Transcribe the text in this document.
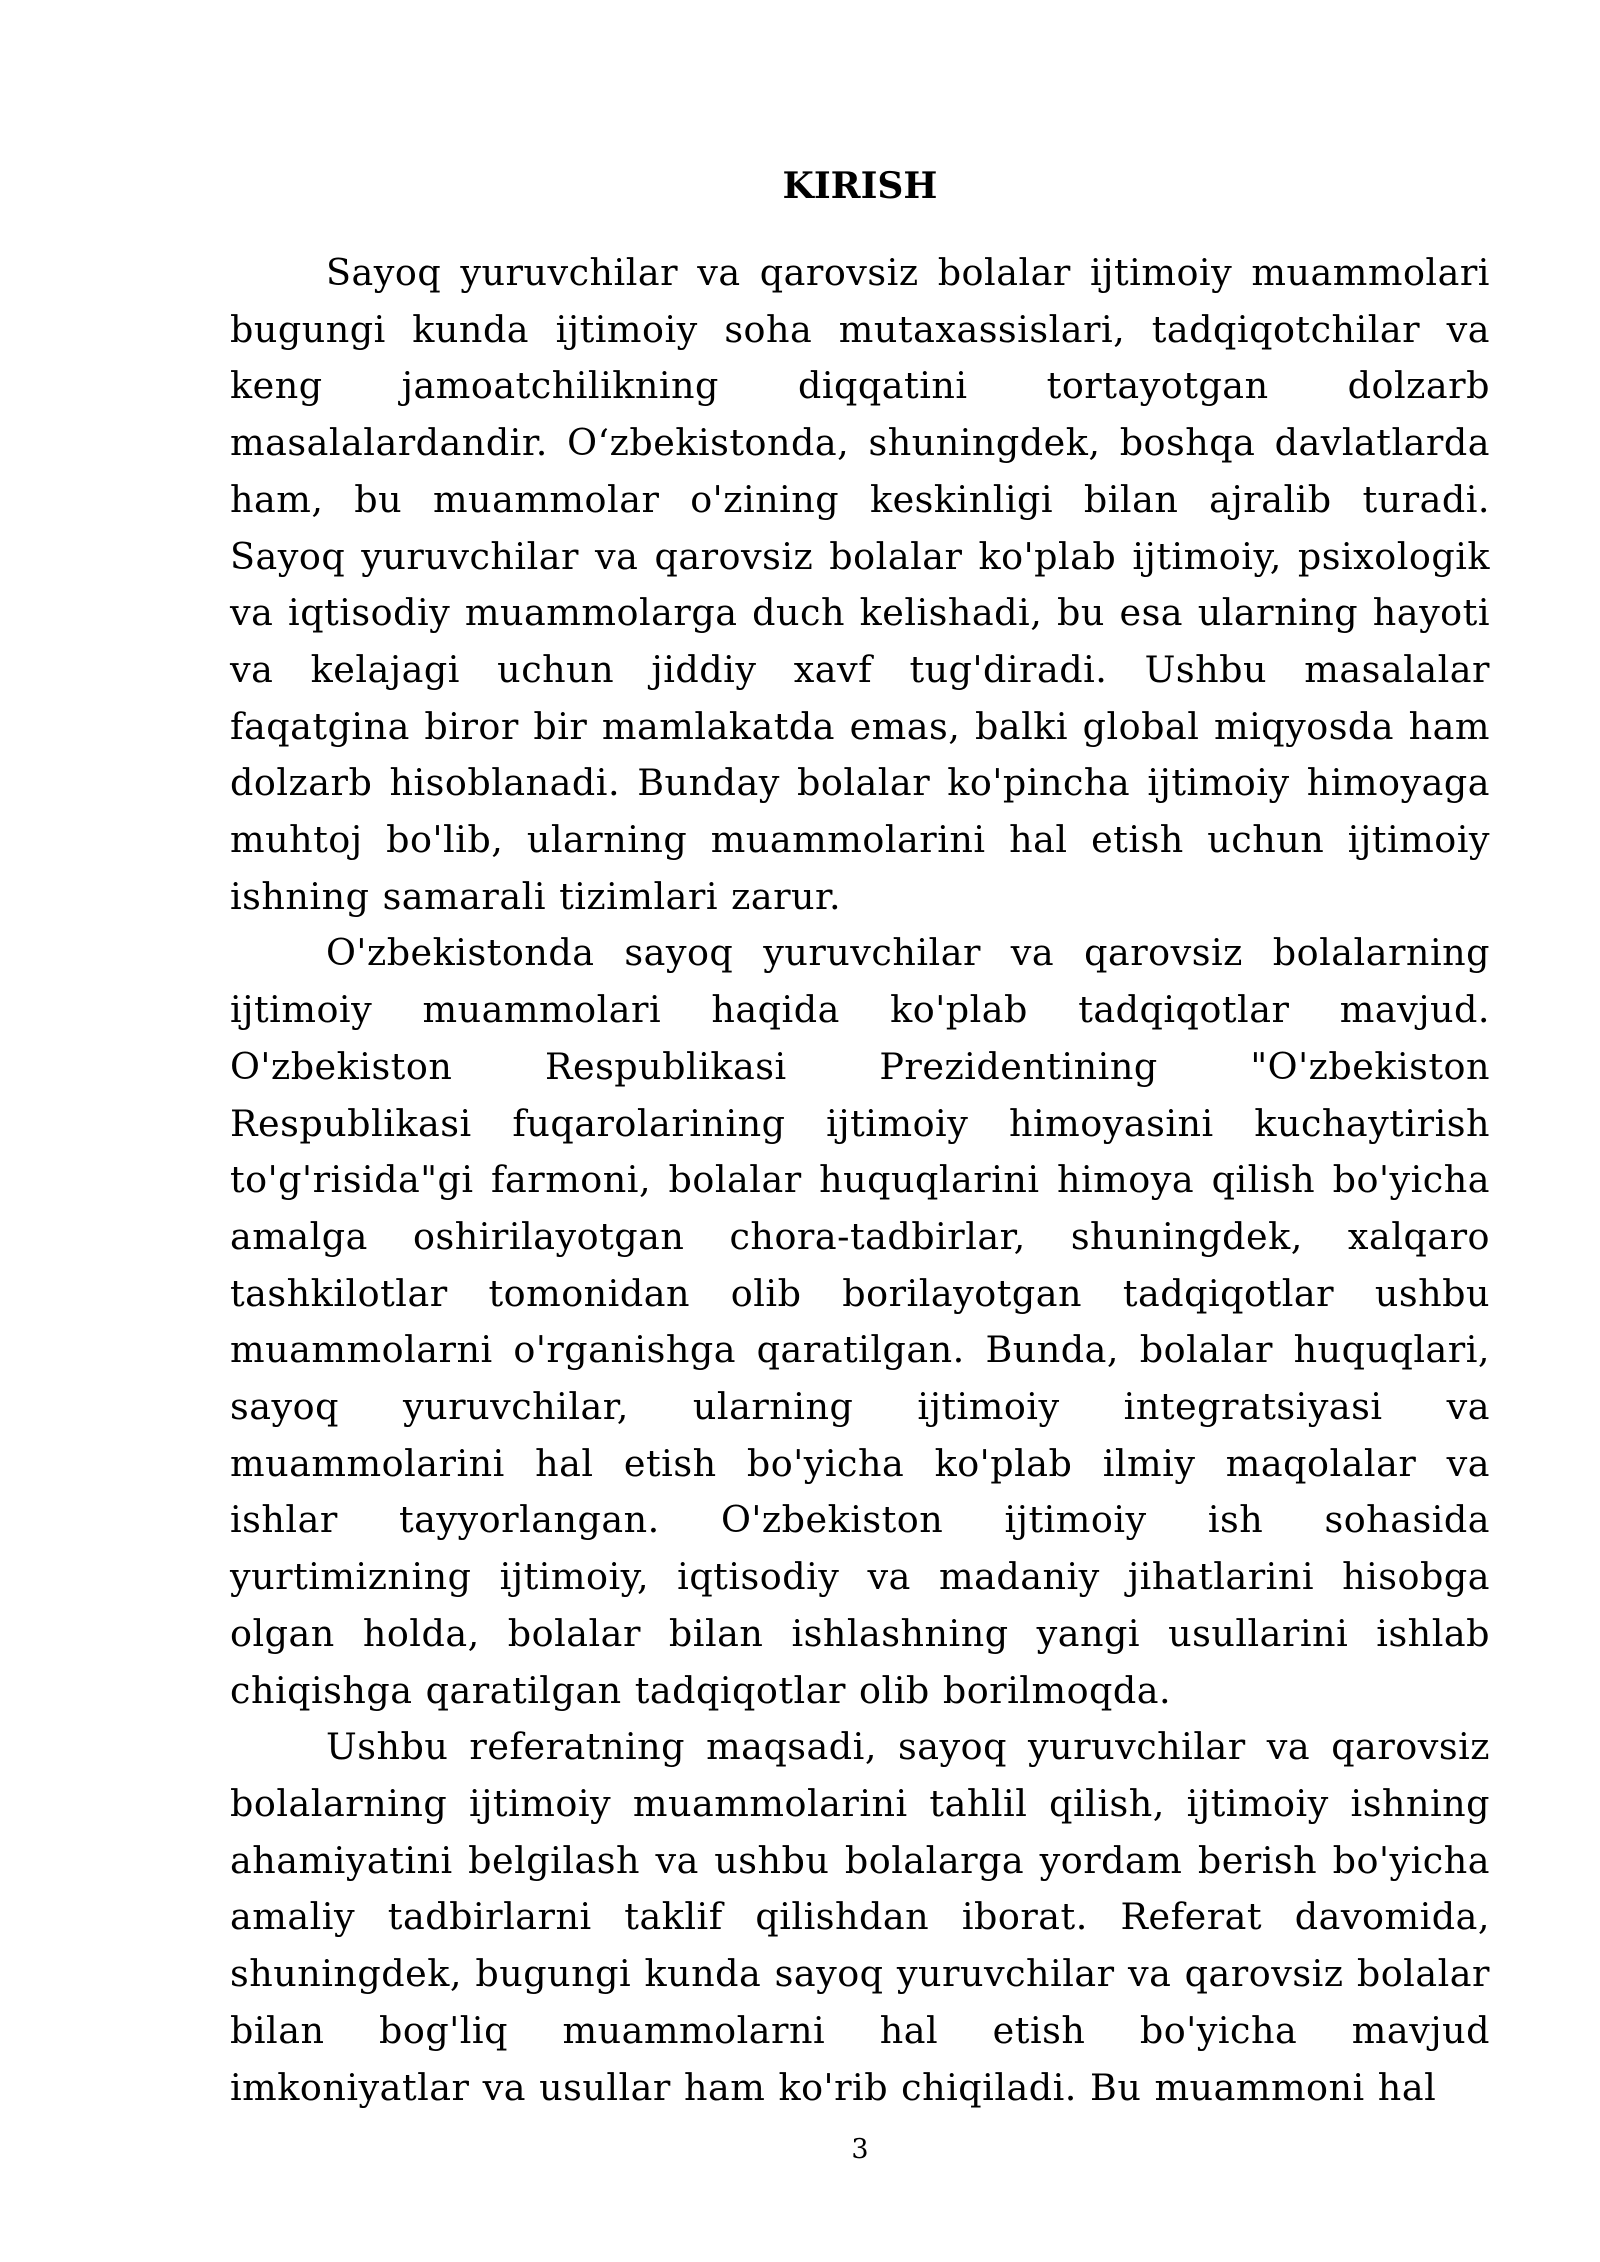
KIRISH

Sayoq yuruvchilar va qarovsiz bolalar ijtimoiy muammolari bugungi kunda ijtimoiy soha mutaxassislari, tadqiqotchilar va keng jamoatchilikning diqqatini tortayotgan dolzarb masalalardandir. O‘zbekistonda, shuningdek, boshqa davlatlarda ham, bu muammolar o'zining keskinligi bilan ajralib turadi. Sayoq yuruvchilar va qarovsiz bolalar ko'plab ijtimoiy, psixologik va iqtisodiy muammolarga duch kelishadi, bu esa ularning hayoti va kelajagi uchun jiddiy xavf tug'diradi. Ushbu masalalar faqatgina biror bir mamlakatda emas, balki global miqyosda ham dolzarb hisoblanadi. Bunday bolalar ko'pincha ijtimoiy himoyaga muhtoj bo'lib, ularning muammolarini hal etish uchun ijtimoiy ishning samarali tizimlari zarur.

O'zbekistonda sayoq yuruvchilar va qarovsiz bolalarning ijtimoiy muammolari haqida ko'plab tadqiqotlar mavjud. O'zbekiston Respublikasi Prezidentining "O'zbekiston Respublikasi fuqarolarining ijtimoiy himoyasini kuchaytirish to'g'risida"gi farmoni, bolalar huquqlarini himoya qilish bo'yicha amalga oshirilayotgan chora-tadbirlar, shuningdek, xalqaro tashkilotlar tomonidan olib borilayotgan tadqiqotlar ushbu muammolarni o'rganishga qaratilgan. Bunda, bolalar huquqlari, sayoq yuruvchilar, ularning ijtimoiy integratsiyasi va muammolarini hal etish bo'yicha ko'plab ilmiy maqolalar va ishlar tayyorlangan. O'zbekiston ijtimoiy ish sohasida yurtimizning ijtimoiy, iqtisodiy va madaniy jihatlarini hisobga olgan holda, bolalar bilan ishlashning yangi usullarini ishlab chiqishga qaratilgan tadqiqotlar olib borilmoqda.

Ushbu referatning maqsadi, sayoq yuruvchilar va qarovsiz bolalarning ijtimoiy muammolarini tahlil qilish, ijtimoiy ishning ahamiyatini belgilash va ushbu bolalarga yordam berish bo'yicha amaliy tadbirlarni taklif qilishdan iborat. Referat davomida, shuningdek, bugungi kunda sayoq yuruvchilar va qarovsiz bolalar bilan bog'liq muammolarni hal etish bo'yicha mavjud imkoniyatlar va usullar ham ko'rib chiqiladi. Bu muammoni hal

3
